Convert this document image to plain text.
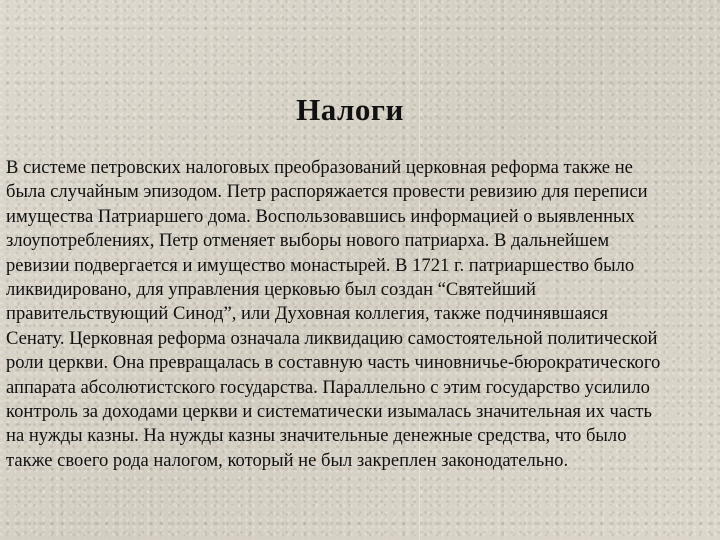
Налоги
В системе петровских налоговых преобразований церковная реформа также не
была случайным эпизодом. Петр распоряжается провести ревизию для переписи
имущества Патриаршего дома. Воспользовавшись информацией о выявленных
злоупотреблениях, Петр отменяет выборы нового патриарха. В дальнейшем
ревизии подвергается и имущество монастырей. В 1721 г. патриаршество было
ликвидировано, для управления церковью был создан “Святейший
правительствующий Синод”, или Духовная коллегия, также подчинявшаяся
Сенату. Церковная реформа означала ликвидацию самостоятельной политической
роли церкви. Она превращалась в составную часть чиновничье-бюрократического
аппарата абсолютистского государства. Параллельно с этим государство усилило
контроль за доходами церкви и систематически изымалась значительная их часть
на нужды казны. На нужды казны значительные денежные средства, что было
также своего рода налогом, который не был закреплен законодательно.
